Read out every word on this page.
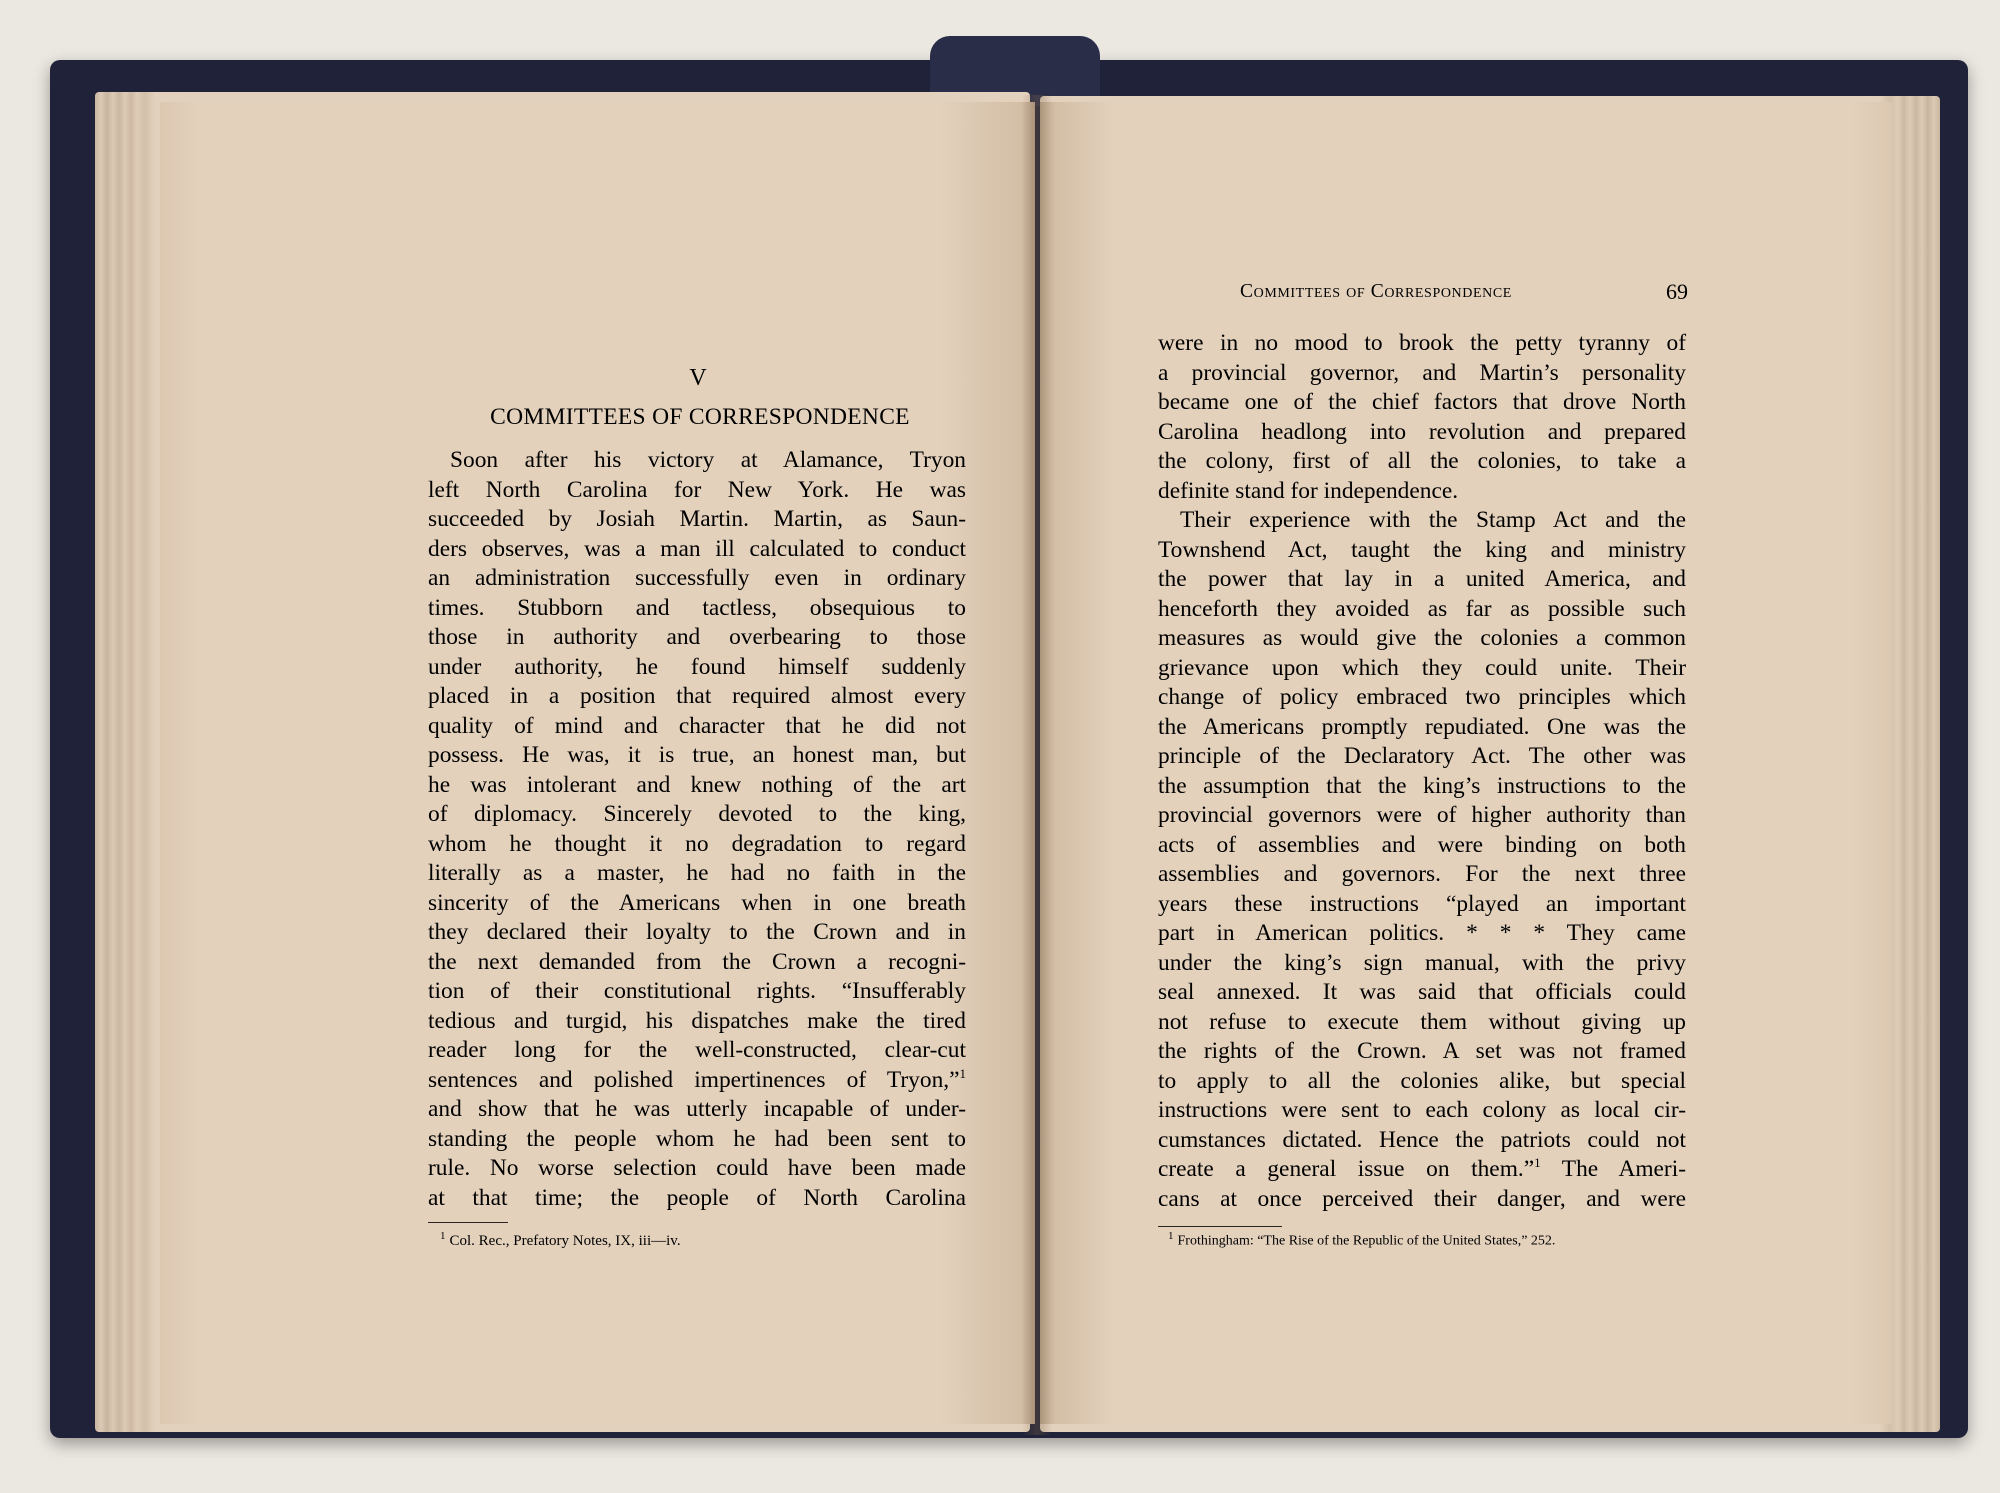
V
COMMITTEES OF CORRESPONDENCE
Soon after his victory at Alamance, Tryon
left North Carolina for New York. He was
succeeded by Josiah Martin. Martin, as Saun-
ders observes, was a man ill calculated to conduct
an administration successfully even in ordinary
times. Stubborn and tactless, obsequious to
those in authority and overbearing to those
under authority, he found himself suddenly
placed in a position that required almost every
quality of mind and character that he did not
possess. He was, it is true, an honest man, but
he was intolerant and knew nothing of the art
of diplomacy. Sincerely devoted to the king,
whom he thought it no degradation to regard
literally as a master, he had no faith in the
sincerity of the Americans when in one breath
they declared their loyalty to the Crown and in
the next demanded from the Crown a recogni-
tion of their constitutional rights. “Insufferably
tedious and turgid, his dispatches make the tired
reader long for the well-constructed, clear-cut
sentences and polished impertinences of Tryon,”$^1$
and show that he was utterly incapable of under-
standing the people whom he had been sent to
rule. No worse selection could have been made
at that time; the people of North Carolina
$^1$ Col. Rec., Prefatory Notes, IX, iii—iv.
Committees of Correspondence	69
were in no mood to brook the petty tyranny of
a provincial governor, and Martin’s personality
became one of the chief factors that drove North
Carolina headlong into revolution and prepared
the colony, first of all the colonies, to take a
definite stand for independence.
Their experience with the Stamp Act and the
Townshend Act, taught the king and ministry
the power that lay in a united America, and
henceforth they avoided as far as possible such
measures as would give the colonies a common
grievance upon which they could unite. Their
change of policy embraced two principles which
the Americans promptly repudiated. One was the
principle of the Declaratory Act. The other was
the assumption that the king’s instructions to the
provincial governors were of higher authority than
acts of assemblies and were binding on both
assemblies and governors. For the next three
years these instructions “played an important
part in American politics. * * * They came
under the king’s sign manual, with the privy
seal annexed. It was said that officials could
not refuse to execute them without giving up
the rights of the Crown. A set was not framed
to apply to all the colonies alike, but special
instructions were sent to each colony as local cir-
cumstances dictated. Hence the patriots could not
create a general issue on them.”$^1$ The Ameri-
cans at once perceived their danger, and were
$^1$ Frothingham: “The Rise of the Republic of the United States,” 252.
